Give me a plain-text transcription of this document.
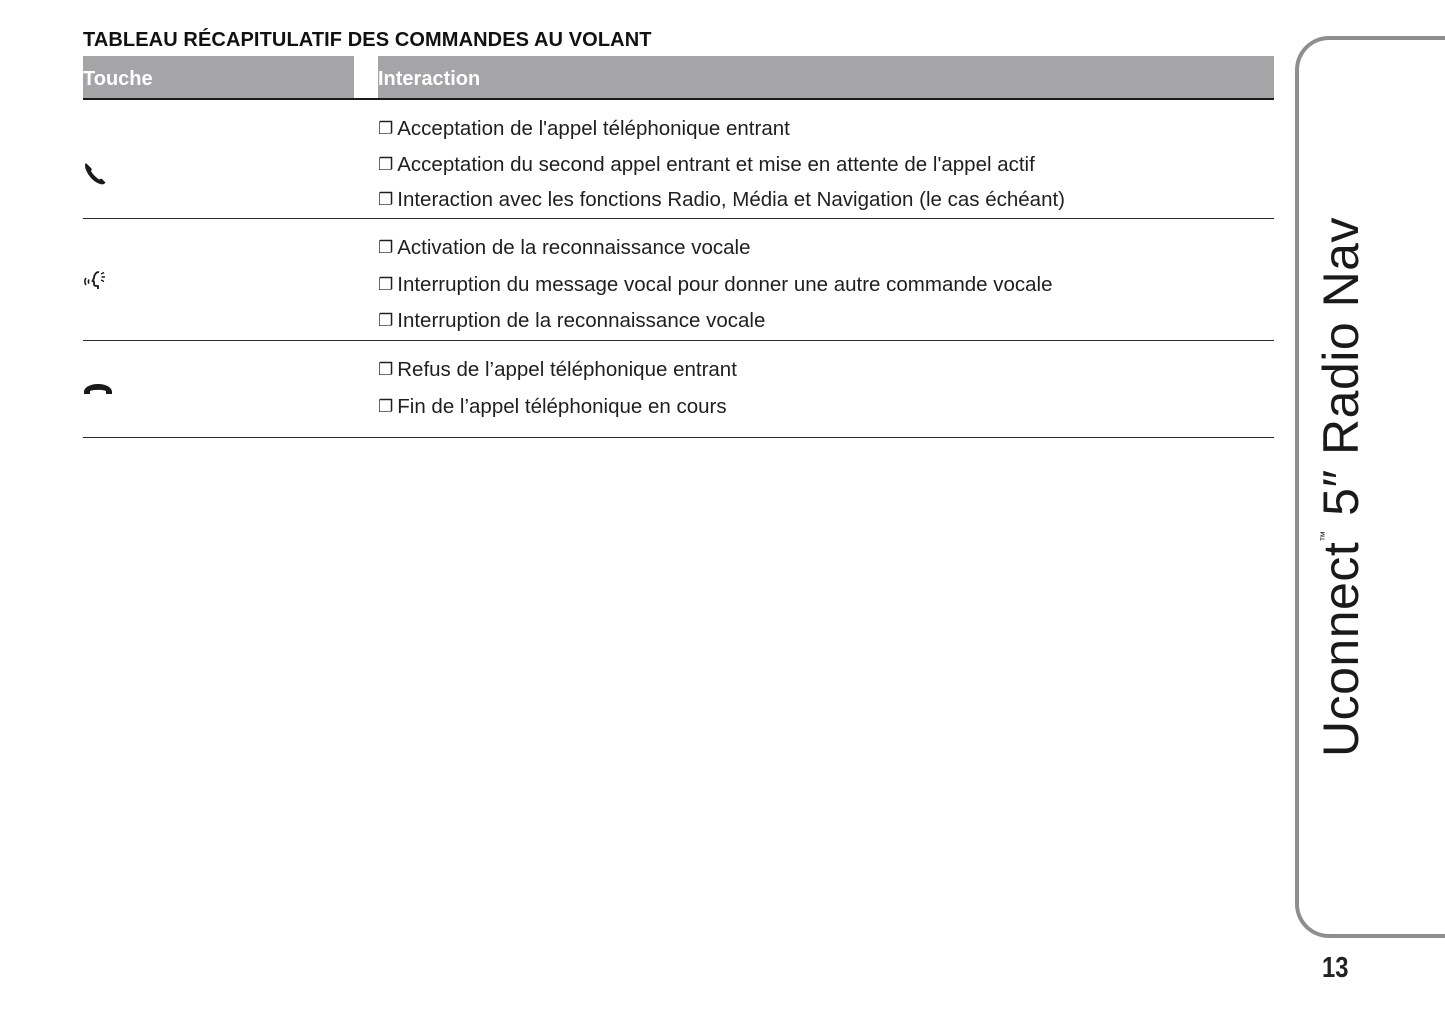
TABLEAU RÉCAPITULATIF DES COMMANDES AU VOLANT
Touche	Interaction
❐ Acceptation de l'appel téléphonique entrant
❐ Acceptation du second appel entrant et mise en attente de l'appel actif
❐ Interaction avec les fonctions Radio, Média et Navigation (le cas échéant)
❐ Activation de la reconnaissance vocale
❐ Interruption du message vocal pour donner une autre commande vocale
❐ Interruption de la reconnaissance vocale
❐ Refus de l’appel téléphonique entrant
❐ Fin de l’appel téléphonique en cours
Uconnect™ 5″ Radio Nav
13
